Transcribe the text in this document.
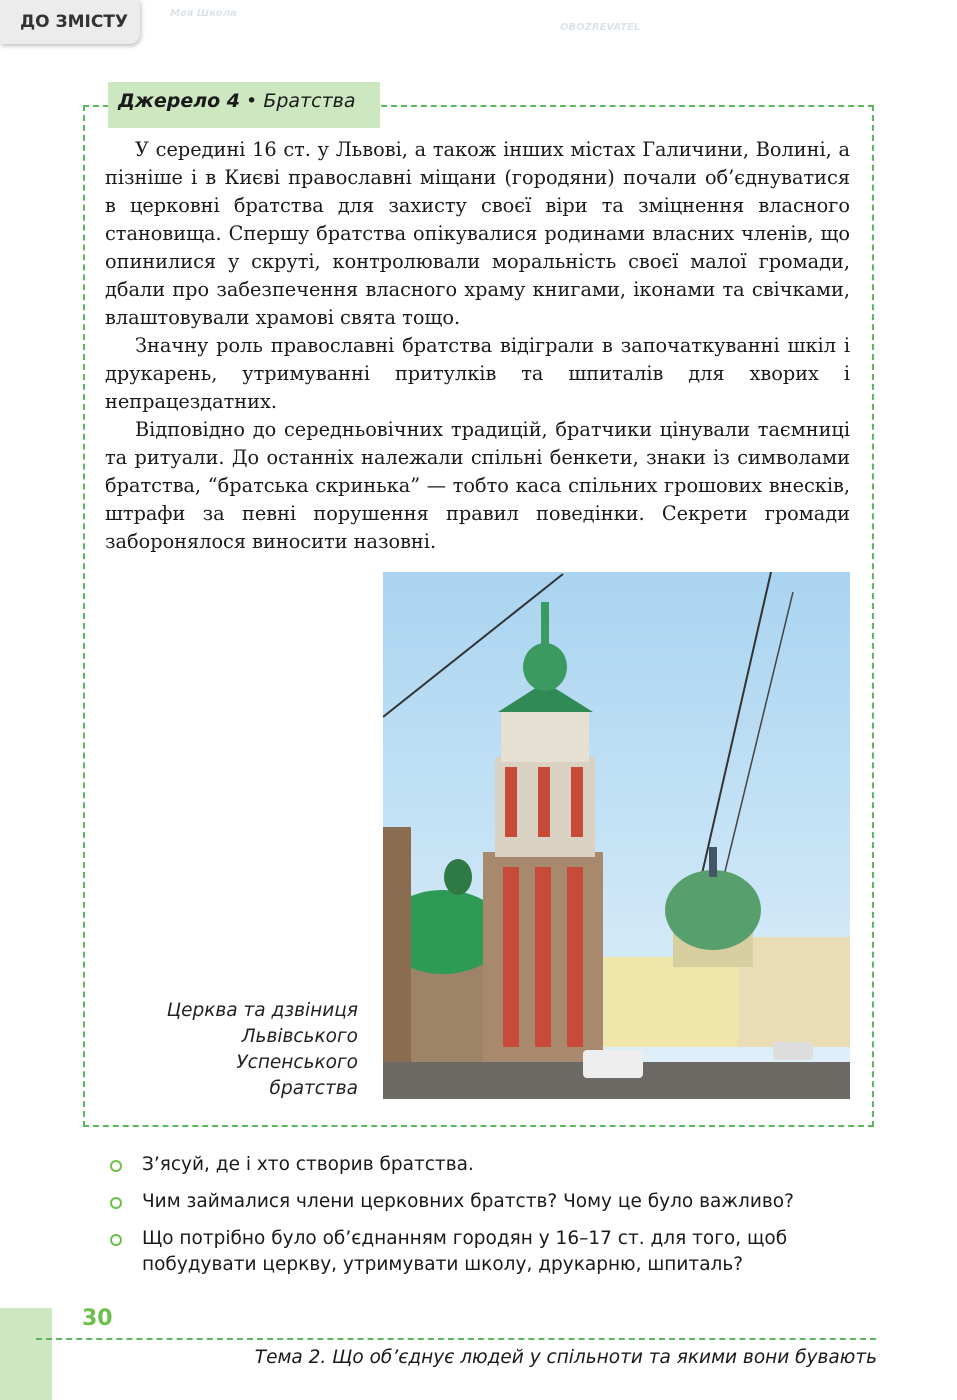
ДО ЗМІСТУ
Джерело 4 • Братства

У середині 16 ст. у Львові, а також інших містах Галичини, Волині, а пізніше і в Києві православні міщани (городяни) почали об’єднуватися в церковні братства для захисту своєї віри та зміцнення власного становища. Спершу братства опікувалися родинами власних членів, що опинилися у скруті, контролювали моральність своєї малої громади, дбали про забезпечення власного храму книгами, іконами та свічками, влаштовували храмові свята тощо.

Значну роль православні братства відіграли в започаткуванні шкіл і друкарень, утримуванні притулків та шпиталів для хворих і непрацездатних.

Відповідно до середньовічних традицій, братчики цінували таємниці та ритуали. До останніх належали спільні бенкети, знаки із символами братства, “братська скринька” — тобто каса спільних грошових внесків, штрафи за певні порушення правил поведінки. Секрети громади заборонялося виносити назовні.

Церква та дзвіниця
Львівського
Успенського
братства
З’ясуй, де і хто створив братства.
Чим займалися члени церковних братств? Чому це було важливо?
Що потрібно було об’єднанням городян у 16–17 ст. для того, щоб побудувати церкву, утримувати школу, друкарню, шпиталь?
30
Тема 2. Що об’єднує людей у спільноти та якими вони бувають
Моя Школа
OBOZREVATEL
